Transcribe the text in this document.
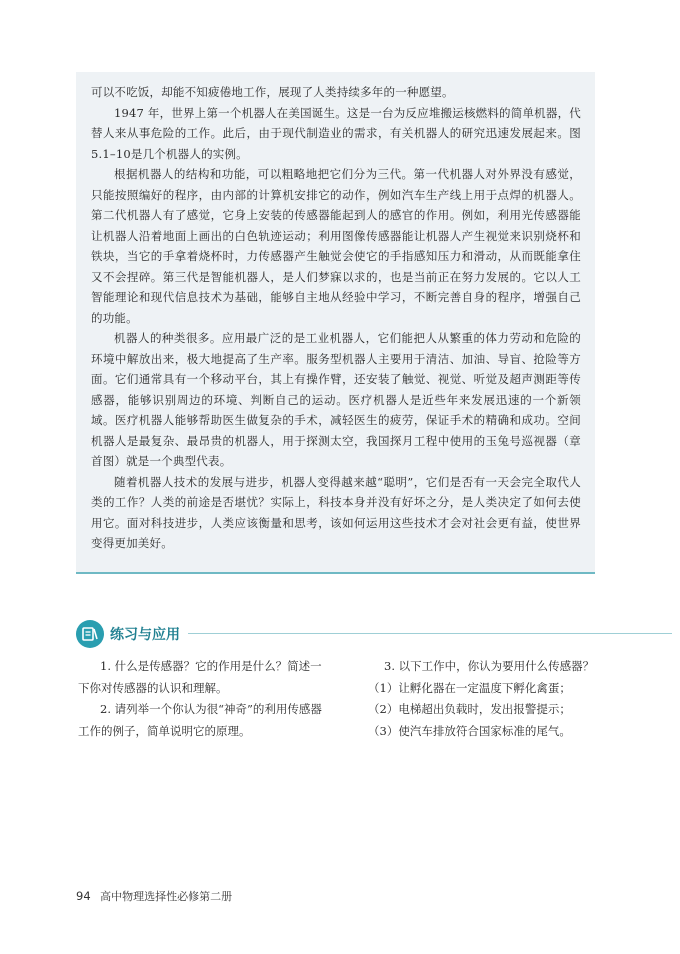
可以不吃饭，却能不知疲倦地工作，展现了人类持续多年的一种愿望。

1947 年，世界上第一个机器人在美国诞生。这是一台为反应堆搬运核燃料的简单机器，代替人来从事危险的工作。此后，由于现代制造业的需求，有关机器人的研究迅速发展起来。图5.1–10是几个机器人的实例。

根据机器人的结构和功能，可以粗略地把它们分为三代。第一代机器人对外界没有感觉，只能按照编好的程序，由内部的计算机安排它的动作，例如汽车生产线上用于点焊的机器人。第二代机器人有了感觉，它身上安装的传感器能起到人的感官的作用。例如，利用光传感器能让机器人沿着地面上画出的白色轨迹运动；利用图像传感器能让机器人产生视觉来识别烧杯和铁块，当它的手拿着烧杯时，力传感器产生触觉会使它的手指感知压力和滑动，从而既能拿住又不会捏碎。第三代是智能机器人，是人们梦寐以求的，也是当前正在努力发展的。它以人工智能理论和现代信息技术为基础，能够自主地从经验中学习，不断完善自身的程序，增强自己的功能。

机器人的种类很多。应用最广泛的是工业机器人，它们能把人从繁重的体力劳动和危险的环境中解放出来，极大地提高了生产率。服务型机器人主要用于清洁、加油、导盲、抢险等方面。它们通常具有一个移动平台，其上有操作臂，还安装了触觉、视觉、听觉及超声测距等传感器，能够识别周边的环境、判断自己的运动。医疗机器人是近些年来发展迅速的一个新领域。医疗机器人能够帮助医生做复杂的手术，减轻医生的疲劳，保证手术的精确和成功。空间机器人是最复杂、最昂贵的机器人，用于探测太空，我国探月工程中使用的玉兔号巡视器（章首图）就是一个典型代表。

随着机器人技术的发展与进步，机器人变得越来越“聪明”，它们是否有一天会完全取代人类的工作？人类的前途是否堪忧？实际上，科技本身并没有好坏之分，是人类决定了如何去使用它。面对科技进步，人类应该衡量和思考，该如何运用这些技术才会对社会更有益，使世界变得更加美好。

练习与应用

1. 什么是传感器？它的作用是什么？简述一下你对传感器的认识和理解。

2. 请列举一个你认为很“神奇”的利用传感器工作的例子，简单说明它的原理。

3. 以下工作中，你认为要用什么传感器？

（1）让孵化器在一定温度下孵化禽蛋；

（2）电梯超出负载时，发出报警提示；

（3）使汽车排放符合国家标准的尾气。

94 高中物理选择性必修第二册
